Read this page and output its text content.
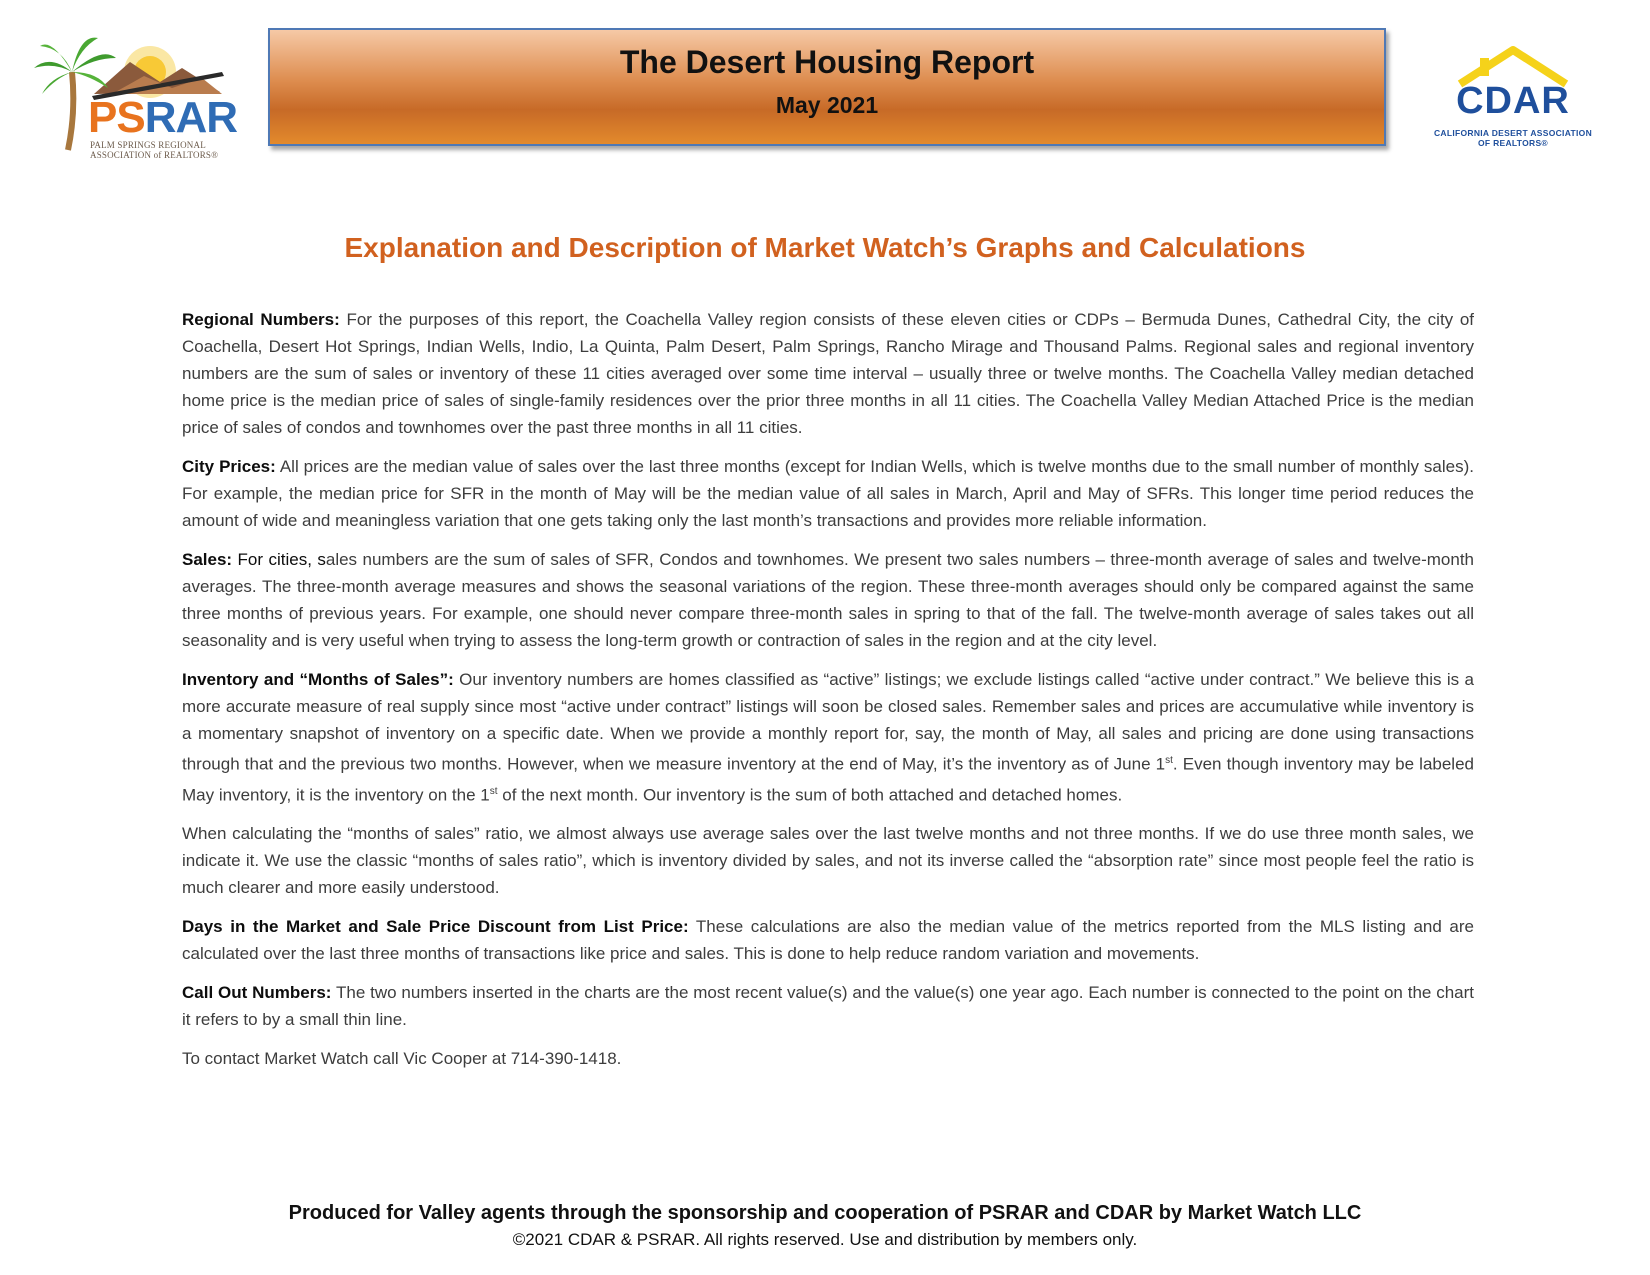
PSRAR
PALM SPRINGS REGIONAL
ASSOCIATION of REALTORS®
The Desert Housing Report
May 2021	CDAR
CALIFORNIA DESERT ASSOCIATION
OF REALTORS®
Explanation and Description of Market Watch’s Graphs and Calculations

Regional Numbers: For the purposes of this report, the Coachella Valley region consists of these eleven cities or CDPs – Bermuda Dunes, Cathedral City, the city of Coachella, Desert Hot Springs, Indian Wells, Indio, La Quinta, Palm Desert, Palm Springs, Rancho Mirage and Thousand Palms. Regional sales and regional inventory numbers are the sum of sales or inventory of these 11 cities averaged over some time interval – usually three or twelve months. The Coachella Valley median detached home price is the median price of sales of single-family residences over the prior three months in all 11 cities. The Coachella Valley Median Attached Price is the median price of sales of condos and townhomes over the past three months in all 11 cities.

City Prices: All prices are the median value of sales over the last three months (except for Indian Wells, which is twelve months due to the small number of monthly sales). For example, the median price for SFR in the month of May will be the median value of all sales in March, April and May of SFRs. This longer time period reduces the amount of wide and meaningless variation that one gets taking only the last month’s transactions and provides more reliable information.

Sales: For cities, sales numbers are the sum of sales of SFR, Condos and townhomes. We present two sales numbers – three-month average of sales and twelve-month averages. The three-month average measures and shows the seasonal variations of the region. These three-month averages should only be compared against the same three months of previous years. For example, one should never compare three-month sales in spring to that of the fall. The twelve-month average of sales takes out all seasonality and is very useful when trying to assess the long-term growth or contraction of sales in the region and at the city level.

Inventory and “Months of Sales”: Our inventory numbers are homes classified as “active” listings; we exclude listings called “active under contract.” We believe this is a more accurate measure of real supply since most “active under contract” listings will soon be closed sales. Remember sales and prices are accumulative while inventory is a momentary snapshot of inventory on a specific date. When we provide a monthly report for, say, the month of May, all sales and pricing are done using transactions through that and the previous two months. However, when we measure inventory at the end of May, it’s the inventory as of June 1st. Even though inventory may be labeled May inventory, it is the inventory on the 1st of the next month. Our inventory is the sum of both attached and detached homes.

When calculating the “months of sales” ratio, we almost always use average sales over the last twelve months and not three months. If we do use three month sales, we indicate it. We use the classic “months of sales ratio”, which is inventory divided by sales, and not its inverse called the “absorption rate” since most people feel the ratio is much clearer and more easily understood.

Days in the Market and Sale Price Discount from List Price: These calculations are also the median value of the metrics reported from the MLS listing and are calculated over the last three months of transactions like price and sales. This is done to help reduce random variation and movements.

Call Out Numbers: The two numbers inserted in the charts are the most recent value(s) and the value(s) one year ago. Each number is connected to the point on the chart it refers to by a small thin line.

To contact Market Watch call Vic Cooper at 714-390-1418.

Produced for Valley agents through the sponsorship and cooperation of PSRAR and CDAR by Market Watch LLC
©2021 CDAR & PSRAR. All rights reserved. Use and distribution by members only.
